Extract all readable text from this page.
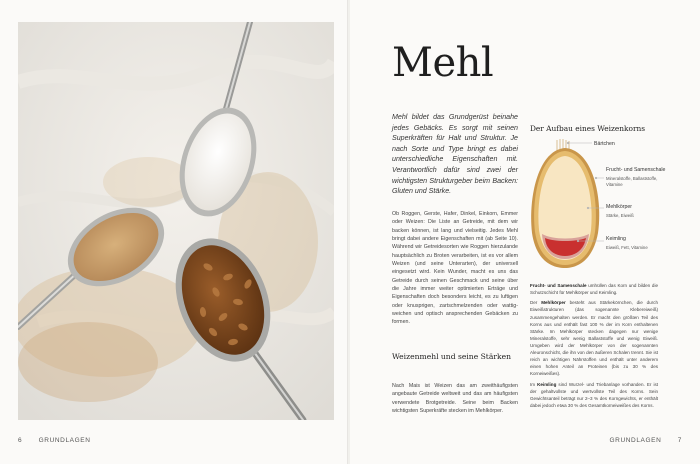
6	GRUNDLAGEN
Mehl
Mehl bildet das Grundgerüst beinahe jedes Gebäcks. Es sorgt mit seinen Superkräften für Halt und Struktur. Je nach Sorte und Type bringt es dabei unterschiedliche Eigenschaften mit. Verantwortlich dafür sind zwei der wichtigsten Strukturgeber beim Backen: Gluten und Stärke.
Ob Roggen, Gerste, Hafer, Dinkel, Einkorn, Emmer oder Weizen: Die Liste an Getreide, mit dem wir backen können, ist lang und vielseitig. Jedes Mehl bringt dabei andere Eigenschaften mit (ab Seite 10). Während wir Getreidesorten wie Roggen hierzulande hauptsächlich zu Broten verarbeiten, ist es vor allem Weizen (und seine Unterarten), der universell eingesetzt wird. Kein Wunder, macht es uns das Getreide durch seinen Geschmack und seine über die Jahre immer weiter optimierten Erträge und Eigenschaften doch besonders leicht, es zu luftigen oder knusprigen, zartschmelzenden oder wattig-weichen und optisch ansprechenden Gebäcken zu formen.
Weizenmehl und seine Stärken
Nach Mais ist Weizen das am zweithäufigsten angebaute Getreide weltweit und das am häufigsten verwendete Brotgetreide. Seine beim Backen wichtigsten Superkräfte stecken im Mehlkörper.
Der Aufbau eines Weizenkorns
Bärtchen
Frucht- und Samenschale
Mineralstoffe, Ballaststoffe, Vitamine
Mehlkörper
Stärke, Eiweiß
Keimling
Eiweiß, Fett, Vitamine

Frucht- und Samenschale umhüllen das Korn und bilden die Schutzschicht für Mehlkörper und Keimling.

Der Mehlkörper besteht aus Stärkekörnchen, die durch Eiweißstrukturen (das sogenannte Klebereiweiß) zusammengehalten werden. Er macht den größten Teil des Korns aus und enthält fast 100 % der im Korn enthaltenen Stärke. Im Mehlkörper stecken dagegen nur wenige Mineralstoffe, sehr wenig Ballaststoffe und wenig Eiweiß. Umgeben wird der Mehlkörper von der sogenannten Aleuronschicht, die ihn von den äußeren Schalen trennt. Sie ist reich an wichtigen Nährstoffen und enthält unter anderem einen hohen Anteil an Proteinen (bis zu 30 % des Korneiweißes).

Im Keimling sind Wurzel- und Triebanlage vorhanden. Er ist der gehaltvollste und wertvollste Teil des Korns. Sein Gewichtsanteil beträgt nur 2–3 % des Korngewichts, er enthält dabei jedoch etwa 30 % des Gesamtkorneiweißes des Korns.

GRUNDLAGEN	7
